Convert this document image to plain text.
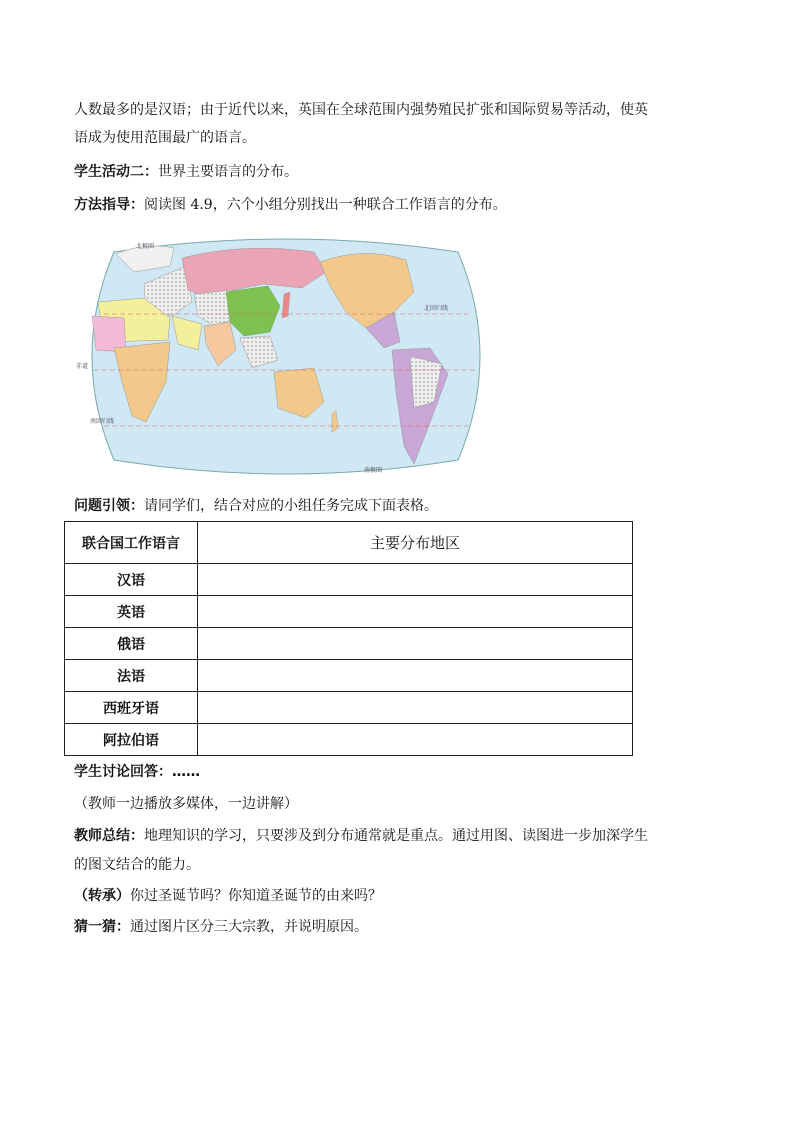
人数最多的是汉语；由于近代以来，英国在全球范围内强势殖民扩张和国际贸易等活动，使英
语成为使用范围最广的语言。
学生活动二：世界主要语言的分布。
方法指导：阅读图 4.9，六个小组分别找出一种联合工作语言的分布。
北极圈
北回归线
赤道
南回归线
南极圈
问题引领：请同学们，结合对应的小组任务完成下面表格。
联合国工作语言	主要分布地区
汉语	
英语	
俄语	
法语	
西班牙语	
阿拉伯语	
学生讨论回答：……
（教师一边播放多媒体，一边讲解）
教师总结：地理知识的学习，只要涉及到分布通常就是重点。通过用图、读图进一步加深学生
的图文结合的能力。
（转承）你过圣诞节吗？你知道圣诞节的由来吗？
猜一猜：通过图片区分三大宗教，并说明原因。
